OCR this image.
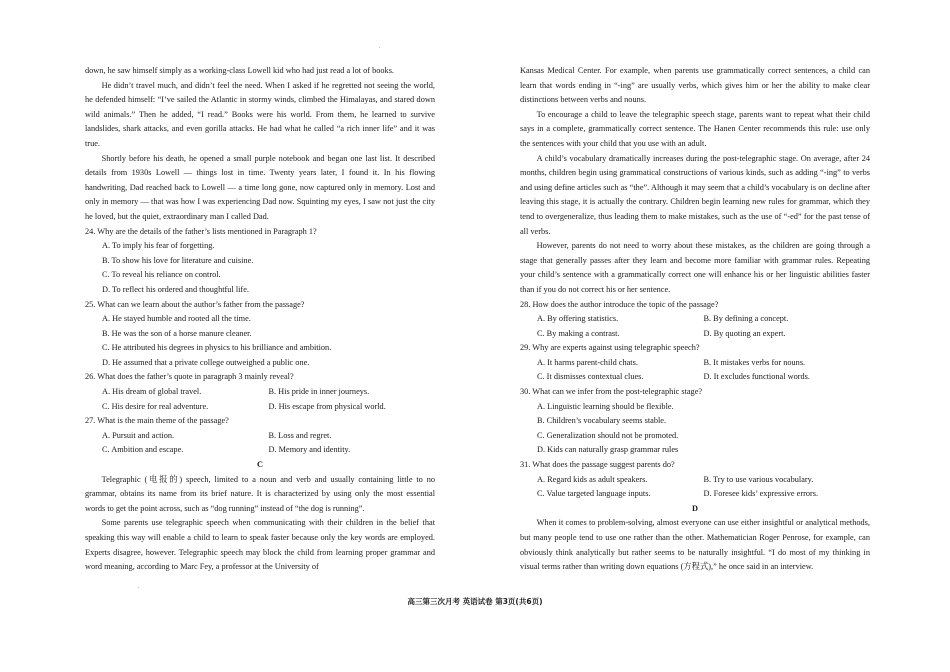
.

down, he saw himself simply as a working-class Lowell kid who had just read a lot of books.

He didn’t travel much, and didn’t feel the need. When I asked if he regretted not seeing the world, he defended himself: “I’ve sailed the Atlantic in stormy winds, climbed the Himalayas, and stared down wild animals.” Then he added, “I read.” Books were his world. From them, he learned to survive landslides, shark attacks, and even gorilla attacks. He had what he called “a rich inner life” and it was true.

Shortly before his death, he opened a small purple notebook and began one last list. It described details from 1930s Lowell — things lost in time. Twenty years later, I found it. In his flowing handwriting, Dad reached back to Lowell — a time long gone, now captured only in memory. Lost and only in memory — that was how I was experiencing Dad now. Squinting my eyes, I saw not just the city he loved, but the quiet, extraordinary man I called Dad.

24. Why are the details of the father’s lists mentioned in Paragraph 1?

A. To imply his fear of forgetting.

B. To show his love for literature and cuisine.

C. To reveal his reliance on control.

D. To reflect his ordered and thoughtful life.

25. What can we learn about the author’s father from the passage?

A. He stayed humble and rooted all the time.

B. He was the son of a horse manure cleaner.

C. He attributed his degrees in physics to his brilliance and ambition.

D. He assumed that a private college outweighed a public one.

26. What does the father’s quote in paragraph 3 mainly reveal?

A. His dream of global travel.	B. His pride in inner journeys.
C. His desire for real adventure.	D. His escape from physical world.

27. What is the main theme of the passage?

A. Pursuit and action.	B. Loss and regret.
C. Ambition and escape.	D. Memory and identity.

C

Telegraphic (电报的) speech, limited to a noun and verb and usually containing little to no grammar, obtains its name from its brief nature. It is characterized by using only the most essential words to get the point across, such as “dog running” instead of “the dog is running”.

Some parents use telegraphic speech when communicating with their children in the belief that speaking this way will enable a child to learn to speak faster because only the key words are employed. Experts disagree, however. Telegraphic speech may block the child from learning proper grammar and word meaning, according to Marc Fey, a professor at the University of

Kansas Medical Center. For example, when parents use grammatically correct sentences, a child can learn that words ending in “-ing” are usually verbs, which gives him or her the ability to make clear distinctions between verbs and nouns.

To encourage a child to leave the telegraphic speech stage, parents want to repeat what their child says in a complete, grammatically correct sentence. The Hanen Center recommends this rule: use only the sentences with your child that you use with an adult.

A child’s vocabulary dramatically increases during the post-telegraphic stage. On average, after 24 months, children begin using grammatical constructions of various kinds, such as adding “-ing” to verbs and using define articles such as “the”. Although it may seem that a child’s vocabulary is on decline after leaving this stage, it is actually the contrary. Children begin learning new rules for grammar, which they tend to overgeneralize, thus leading them to make mistakes, such as the use of “-ed” for the past tense of all verbs.

However, parents do not need to worry about these mistakes, as the children are going through a stage that generally passes after they learn and become more familiar with grammar rules. Repeating your child’s sentence with a grammatically correct one will enhance his or her linguistic abilities faster than if you do not correct his or her sentence.

28. How does the author introduce the topic of the passage?

A. By offering statistics.	B. By defining a concept.
C. By making a contrast.	D. By quoting an expert.

29. Why are experts against using telegraphic speech?

A. It harms parent-child chats.	B. It mistakes verbs for nouns.
C. It dismisses contextual clues.	D. It excludes functional words.

30. What can we infer from the post-telegraphic stage?

A. Linguistic learning should be flexible.

B. Children’s vocabulary seems stable.

C. Generalization should not be promoted.

D. Kids can naturally grasp grammar rules

31. What does the passage suggest parents do?

A. Regard kids as adult speakers.	B. Try to use various vocabulary.
C. Value targeted language inputs.	D. Foresee kids’ expressive errors.

D

When it comes to problem-solving, almost everyone can use either insightful or analytical methods, but many people tend to use one rather than the other. Mathematician Roger Penrose, for example, can obviously think analytically but rather seems to be naturally insightful. “I do most of my thinking in visual terms rather than writing down equations (方程式),” he once said in an interview.

.
高三第三次月考 英语试卷 第3页(共6页)
